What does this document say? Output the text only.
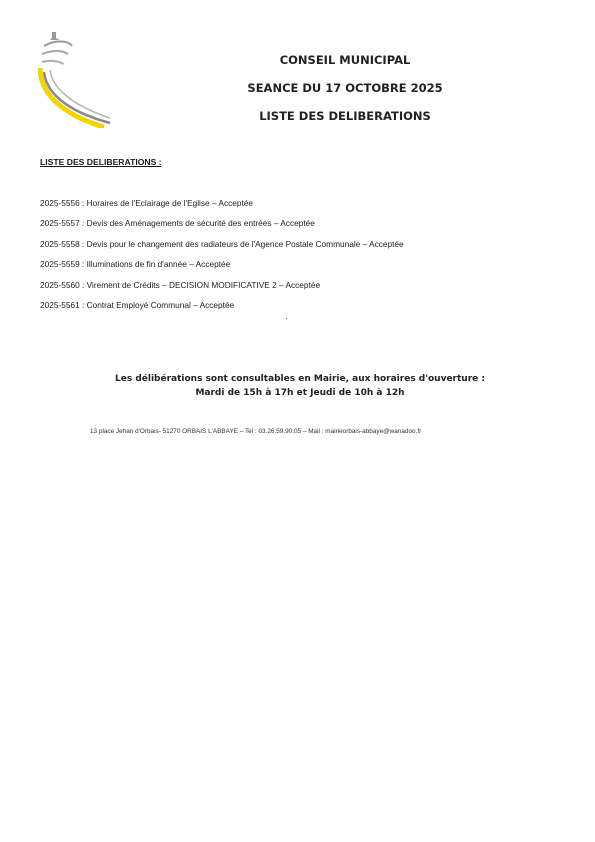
CONSEIL MUNICIPAL
SEANCE DU 17 OCTOBRE 2025
LISTE DES DELIBERATIONS
LISTE DES DELIBERATIONS :
2025-5556 : Horaires de l'Eclairage de l'Eglise – Acceptée
2025-5557 : Devis des Aménagements de sécurité des entrées – Acceptée
2025-5558 : Devis pour le changement des radiateurs de l'Agence Postale Communale – Acceptée
2025-5559 : Illuminations de fin d'année – Acceptée
2025-5560 : Virement de Crédits – DECISION MODIFICATIVE 2 – Acceptée
2025-5561 : Contrat Employé Communal – Acceptée
Les délibérations sont consultables en Mairie, aux horaires d'ouverture :
Mardi de 15h à 17h et Jeudi de 10h à 12h
13 place Jehan d'Orbais- 51270 ORBAIS L'ABBAYE – Tel : 03.26.59.90.05 – Mail : mairieorbais-abbaye@wanadoo.fr
